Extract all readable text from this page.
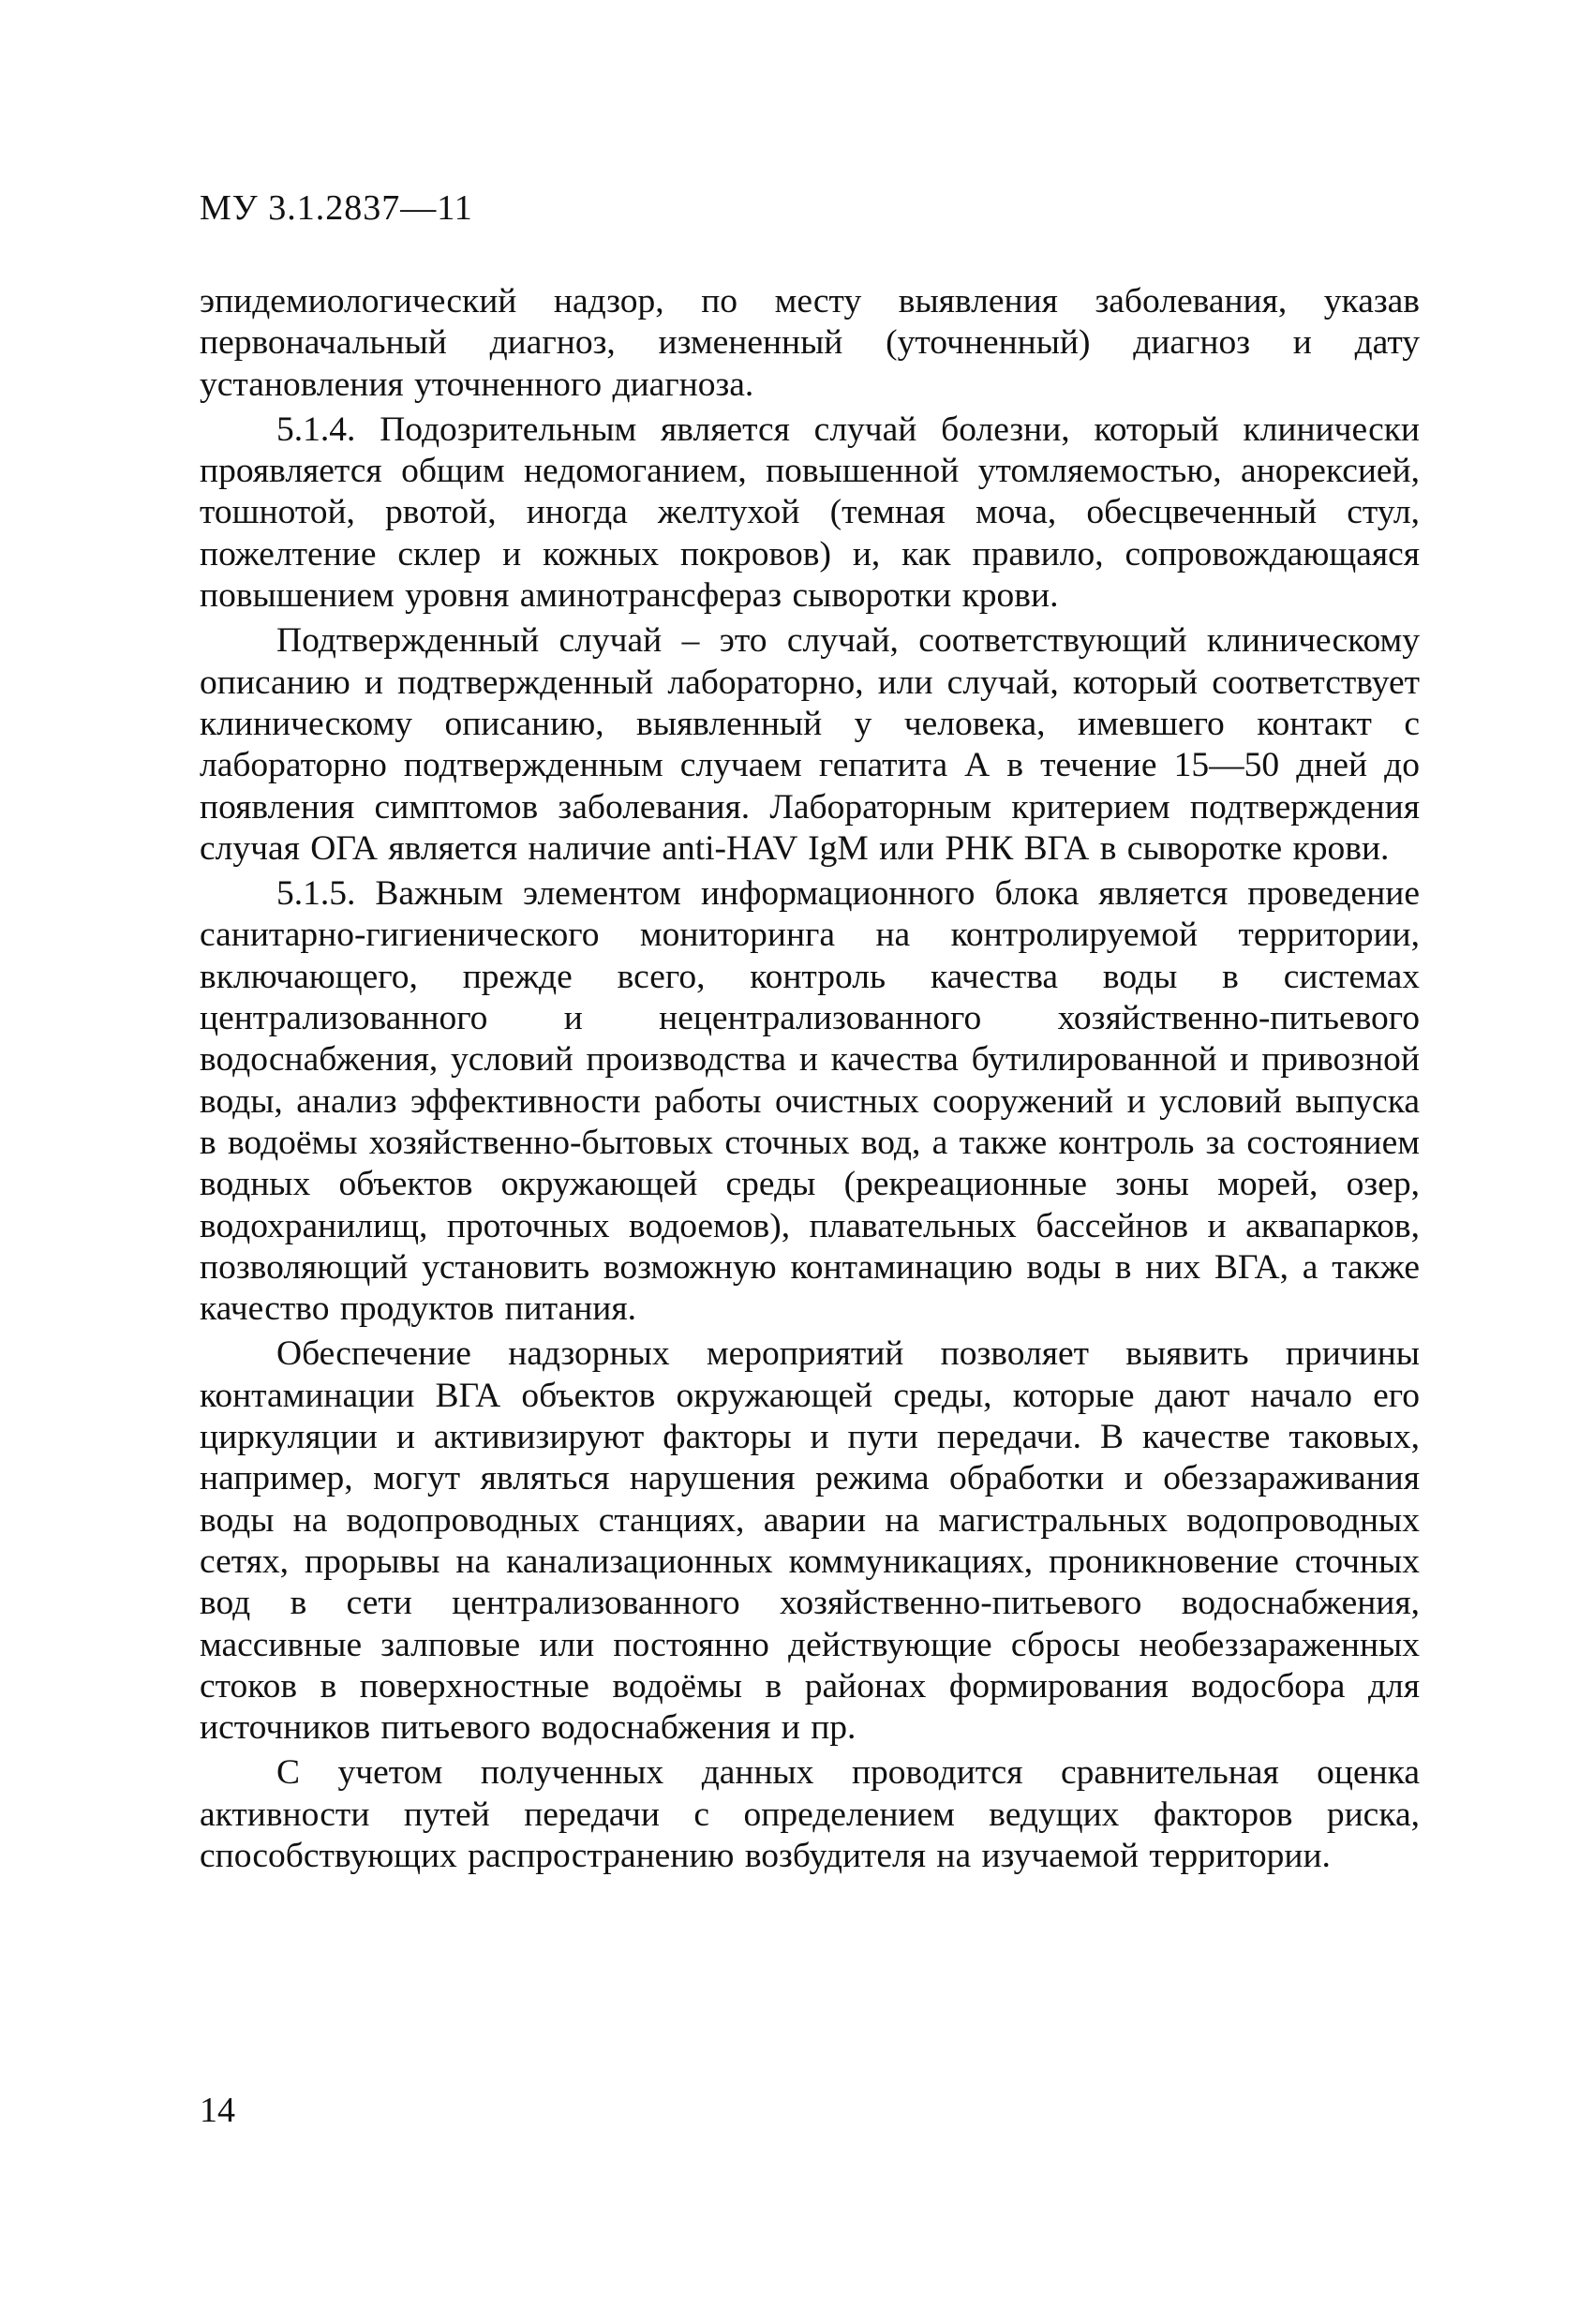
МУ 3.1.2837—11

эпидемиологический надзор, по месту выявления заболевания, указав первоначальный диагноз, измененный (уточненный) диагноз и дату установления уточненного диагноза.

5.1.4. Подозрительным является случай болезни, который клинически проявляется общим недомоганием, повышенной утомляемостью, анорексией, тошнотой, рвотой, иногда желтухой (темная моча, обесцвеченный стул, пожелтение склер и кожных покровов) и, как правило, сопровождающаяся повышением уровня аминотрансфераз сыворотки крови.

Подтвержденный случай – это случай, соответствующий клиническому описанию и подтвержденный лабораторно, или случай, который соответствует клиническому описанию, выявленный у человека, имевшего контакт с лабораторно подтвержденным случаем гепатита А в течение 15—50 дней до появления симптомов заболевания. Лабораторным критерием подтверждения случая ОГА является наличие anti-HAV IgM или РНК ВГА в сыворотке крови.

5.1.5. Важным элементом информационного блока является проведение санитарно-гигиенического мониторинга на контролируемой территории, включающего, прежде всего, контроль качества воды в системах централизованного и нецентрализованного хозяйственно-питьевого водоснабжения, условий производства и качества бутилированной и привозной воды, анализ эффективности работы очистных сооружений и условий выпуска в водоёмы хозяйственно-бытовых сточных вод, а также контроль за состоянием водных объектов окружающей среды (рекреационные зоны морей, озер, водохранилищ, проточных водоемов), плавательных бассейнов и аквапарков, позволяющий установить возможную контаминацию воды в них ВГА, а также качество продуктов питания.

Обеспечение надзорных мероприятий позволяет выявить причины контаминации ВГА объектов окружающей среды, которые дают начало его циркуляции и активизируют факторы и пути передачи. В качестве таковых, например, могут являться нарушения режима обработки и обеззараживания воды на водопроводных станциях, аварии на магистральных водопроводных сетях, прорывы на канализационных коммуникациях, проникновение сточных вод в сети централизованного хозяйственно-питьевого водоснабжения, массивные залповые или постоянно действующие сбросы необеззараженных стоков в поверхностные водоёмы в районах формирования водосбора для источников питьевого водоснабжения и пр.

С учетом полученных данных проводится сравнительная оценка активности путей передачи с определением ведущих факторов риска, способствующих распространению возбудителя на изучаемой территории.

14
